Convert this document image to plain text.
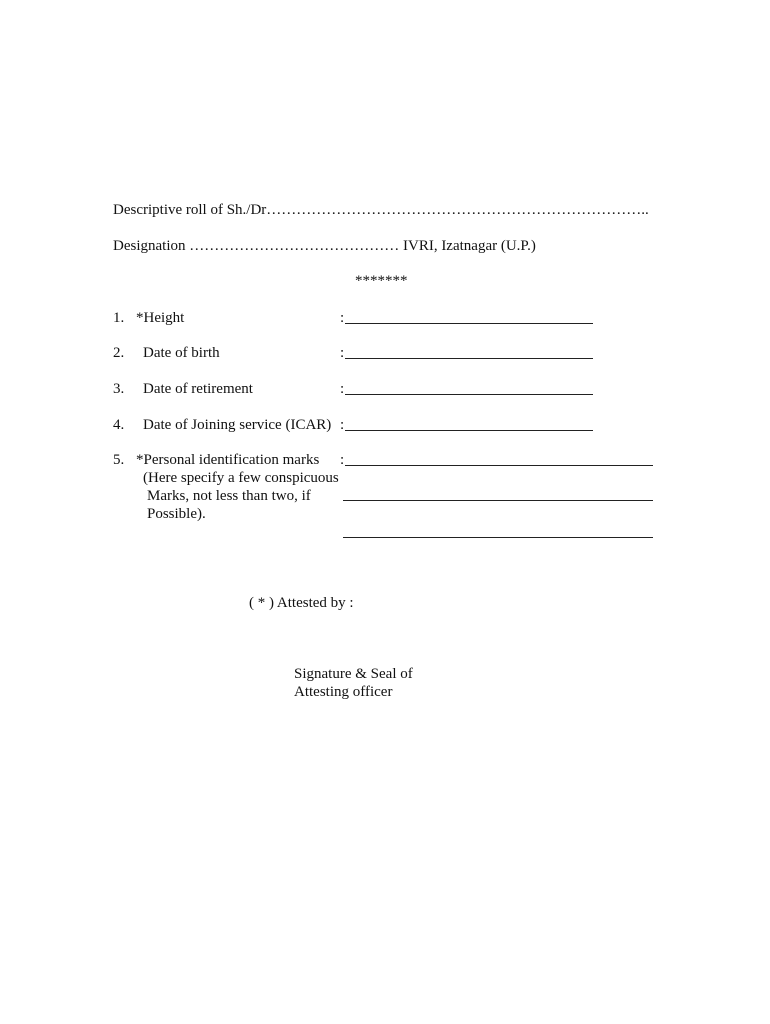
Descriptive roll of Sh./Dr…………………………………………………………………..
Designation …………………………………… IVRI, Izatnagar (U.P.)
*******
1. *Height	:
2. Date of birth	:
3. Date of retirement	:
4. Date of Joining service (ICAR) :
5. *Personal identification marks :
(Here specify a few conspicuous
Marks, not less than two, if
Possible).
( * ) Attested by :
Signature & Seal of
Attesting officer
